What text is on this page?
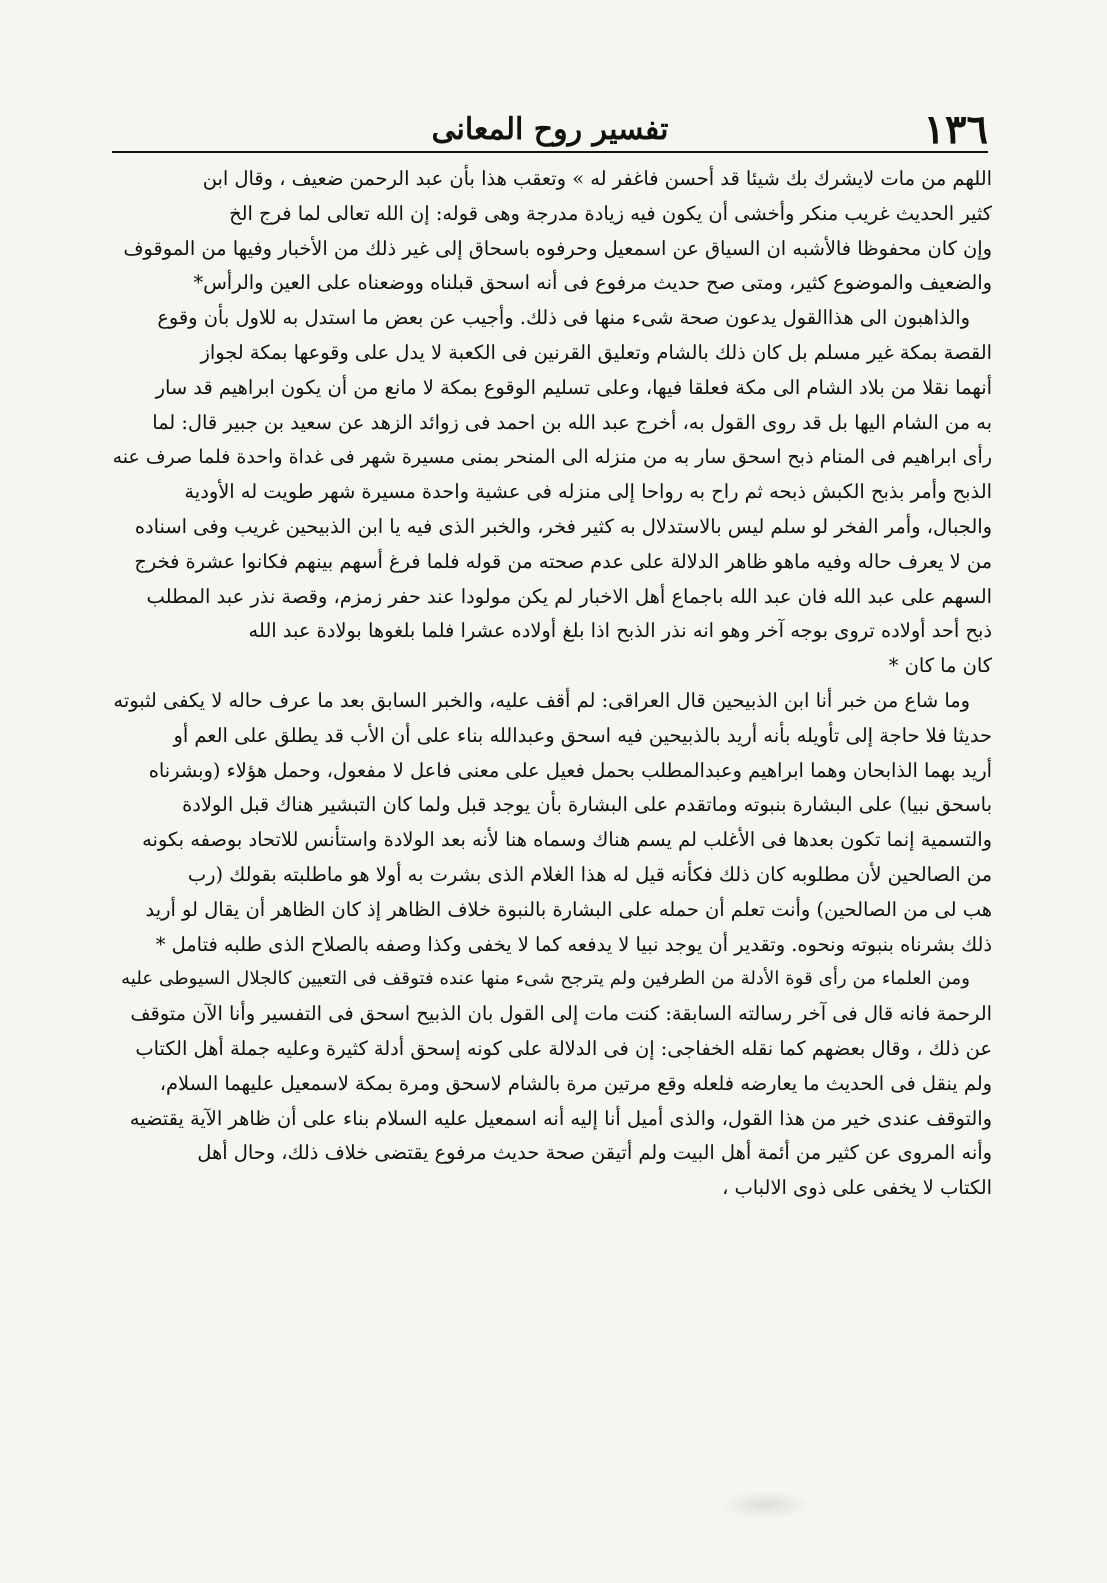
١٣٦
تفسير روح المعانى
اللهم من مات لايشرك بك شيئا قد أحسن فاغفر له » وتعقب هذا بأن عبد الرحمن ضعيف ، وقال ابن
كثير الحديث غريب منكر وأخشى أن يكون فيه زيادة مدرجة وهى قوله: إن الله تعالى لما فرج الخ
وإن كان محفوظا فالأشبه ان السياق عن اسمعيل وحرفوه باسحاق إلى غير ذلك من الأخبار وفيها من الموقوف
والضعيف والموضوع كثير، ومتى صح حديث مرفوع فى أنه اسحق قبلناه ووضعناه على العين والرأس*
والذاهبون الى هذاالقول يدعون صحة شىء منها فى ذلك. وأجيب عن بعض ما استدل به للاول بأن وقوع
القصة بمكة غير مسلم بل كان ذلك بالشام وتعليق القرنين فى الكعبة لا يدل على وقوعها بمكة لجواز
أنهما نقلا من بلاد الشام الى مكة فعلقا فيها، وعلى تسليم الوقوع بمكة لا مانع من أن يكون ابراهيم قد سار
به من الشام اليها بل قد روى القول به، أخرج عبد الله بن احمد فى زوائد الزهد عن سعيد بن جبير قال: لما
رأى ابراهيم فى المنام ذبح اسحق سار به من منزله الى المنحر بمنى مسيرة شهر فى غداة واحدة فلما صرف عنه
الذبح وأمر بذبح الكبش ذبحه ثم راح به رواحا إلى منزله فى عشية واحدة مسيرة شهر طويت له الأودية
والجبال، وأمر الفخر لو سلم ليس بالاستدلال به كثير فخر، والخبر الذى فيه يا ابن الذبيحين غريب وفى اسناده
من لا يعرف حاله وفيه ماهو ظاهر الدلالة على عدم صحته من قوله فلما فرغ أسهم بينهم فكانوا عشرة فخرج
السهم على عبد الله فان عبد الله باجماع أهل الاخبار لم يكن مولودا عند حفر زمزم، وقصة نذر عبد المطلب
ذبح أحد أولاده تروى بوجه آخر وهو انه نذر الذبح اذا بلغ أولاده عشرا فلما بلغوها بولادة عبد الله
كان ما كان *
وما شاع من خبر أنا ابن الذبيحين قال العراقى: لم أقف عليه، والخبر السابق بعد ما عرف حاله لا يكفى لثبوته
حديثا فلا حاجة إلى تأويله بأنه أريد بالذبيحين فيه اسحق وعبدالله بناء على أن الأب قد يطلق على العم أو
أريد بهما الذابحان وهما ابراهيم وعبدالمطلب بحمل فعيل على معنى فاعل لا مفعول، وحمل هؤلاء (وبشرناه
باسحق نبيا) على البشارة بنبوته وماتقدم على البشارة بأن يوجد قبل ولما كان التبشير هناك قبل الولادة
والتسمية إنما تكون بعدها فى الأغلب لم يسم هناك وسماه هنا لأنه بعد الولادة واستأنس للاتحاد بوصفه بكونه
من الصالحين لأن مطلوبه كان ذلك فكأنه قيل له هذا الغلام الذى بشرت به أولا هو ماطلبته بقولك (رب
هب لى من الصالحين) وأنت تعلم أن حمله على البشارة بالنبوة خلاف الظاهر إذ كان الظاهر أن يقال لو أريد
ذلك بشرناه بنبوته ونحوه. وتقدير أن يوجد نبيا لا يدفعه كما لا يخفى وكذا وصفه بالصلاح الذى طلبه فتامل *
ومن العلماء من رأى قوة الأدلة من الطرفين ولم يترجح شىء منها عنده فتوقف فى التعيين كالجلال السيوطى عليه
الرحمة فانه قال فى آخر رسالته السابقة: كنت مات إلى القول بان الذبيح اسحق فى التفسير وأنا الآن متوقف
عن ذلك ، وقال بعضهم كما نقله الخفاجى: إن فى الدلالة على كونه إسحق أدلة كثيرة وعليه جملة أهل الكتاب
ولم ينقل فى الحديث ما يعارضه فلعله وقع مرتين مرة بالشام لاسحق ومرة بمكة لاسمعيل عليهما السلام،
والتوقف عندى خير من هذا القول، والذى أميل أنا إليه أنه اسمعيل عليه السلام بناء على أن ظاهر الآية يقتضيه
وأنه المروى عن كثير من أئمة أهل البيت ولم أتيقن صحة حديث مرفوع يقتضى خلاف ذلك، وحال أهل
الكتاب لا يخفى على ذوى الالباب ،
